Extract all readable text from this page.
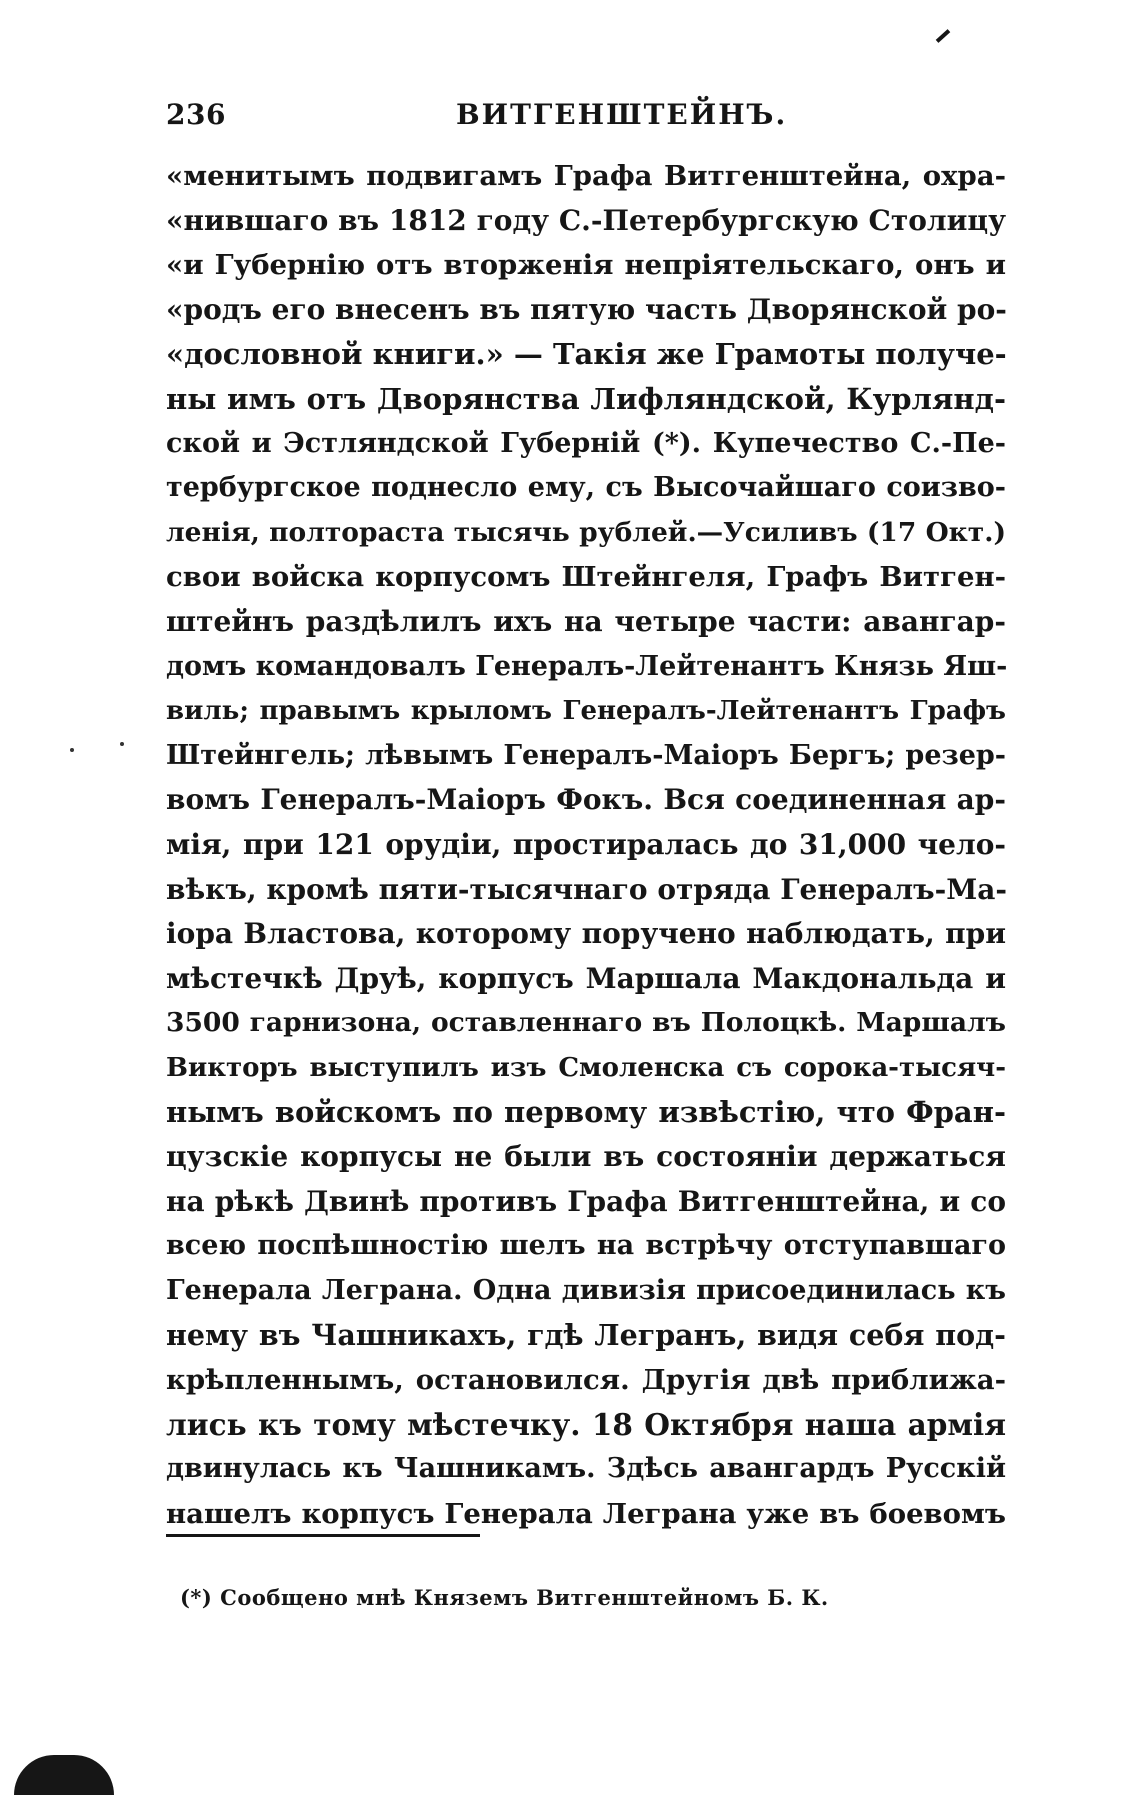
236	ВИТГЕНШТЕЙНЪ.
«менитымъ подвигамъ Графа Витгенштейна, охра-
«нившаго въ 1812 году С.-Петербургскую Столицу
«и Губернію отъ вторженія непріятельскаго, онъ и
«родъ его внесенъ въ пятую часть Дворянской ро-
«дословной книги.» — Такія же Грамоты получе-
ны имъ отъ Дворянства Лифляндской, Курлянд-
ской и Эстляндской Губерній (*). Купечество С.-Пе-
тербургское поднесло ему, съ Высочайшаго соизво-
ленія, полтораста тысячь рублей.—Усиливъ (17 Окт.)
свои войска корпусомъ Штейнгеля, Графъ Витген-
штейнъ раздѣлилъ ихъ на четыре части: авангар-
домъ командовалъ Генералъ-Лейтенантъ Князь Яш-
виль; правымъ крыломъ Генералъ-Лейтенантъ Графъ
Штейнгель; лѣвымъ Генералъ-Маіоръ Бергъ; резер-
вомъ Генералъ-Маіоръ Фокъ. Вся соединенная ар-
мія, при 121 орудіи, простиралась до 31,000 чело-
вѣкъ, кромѣ пяти-тысячнаго отряда Генералъ-Ма-
іора Властова, которому поручено наблюдать, при
мѣстечкѣ Друѣ, корпусъ Маршала Макдональда и
3500 гарнизона, оставленнаго въ Полоцкѣ. Маршалъ
Викторъ выступилъ изъ Смоленска съ сорока-тысяч-
нымъ войскомъ по первому извѣстію, что Фран-
цузскіе корпусы не были въ состояніи держаться
на рѣкѣ Двинѣ противъ Графа Витгенштейна, и со
всею поспѣшностію шелъ на встрѣчу отступавшаго
Генерала Леграна. Одна дивизія присоединилась къ
нему въ Чашникахъ, гдѣ Легранъ, видя себя под-
крѣпленнымъ, остановился. Другія двѣ приближа-
лись къ тому мѣстечку. 18 Октября наша армія
двинулась къ Чашникамъ. Здѣсь авангардъ Русскій
нашелъ корпусъ Генерала Леграна уже въ боевомъ
(*) Сообщено мнѣ Княземъ Витгенштейномъ Б. К.
